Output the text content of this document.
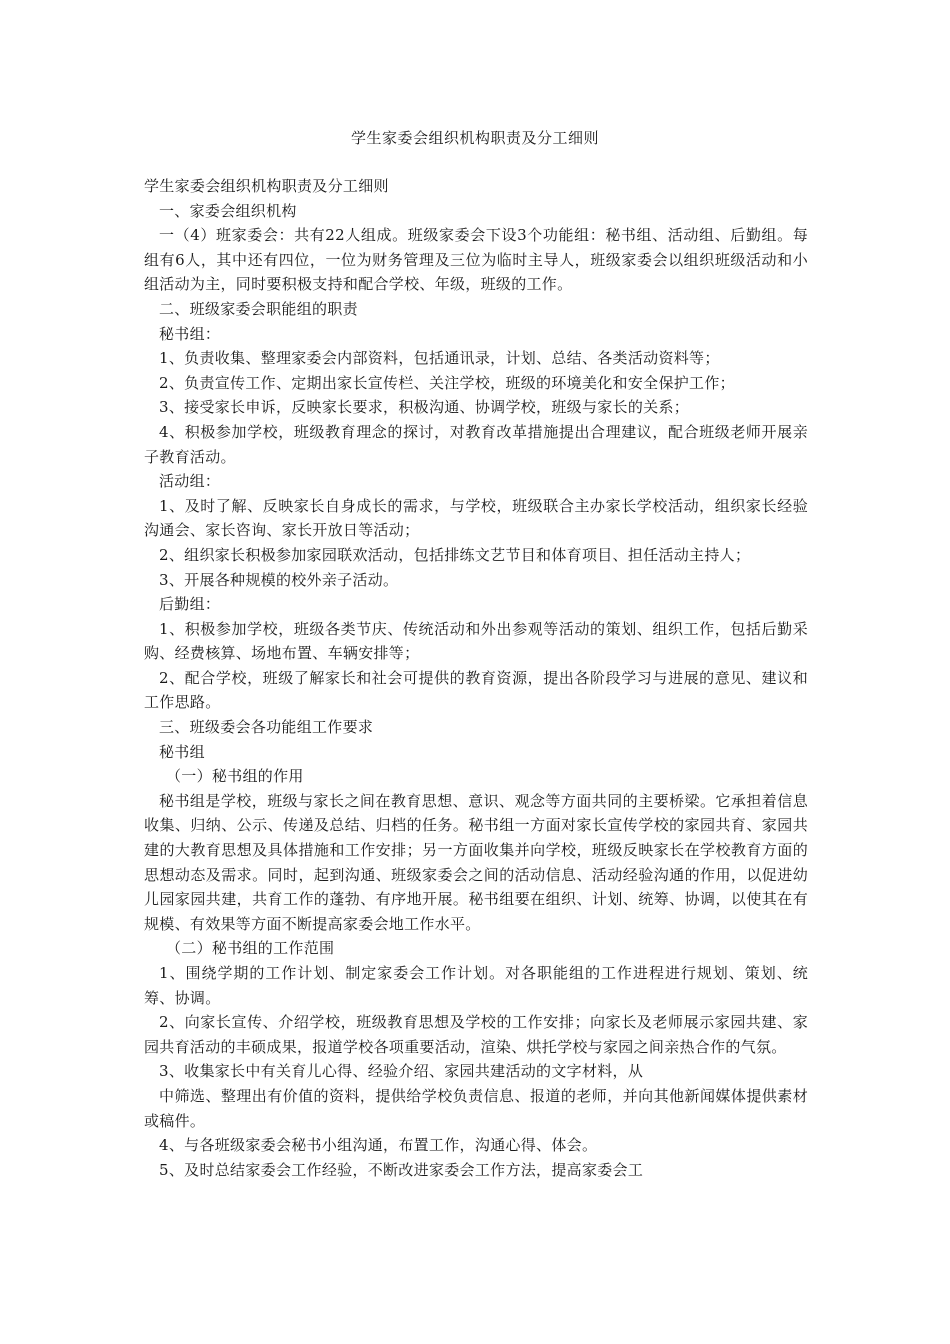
学生家委会组织机构职责及分工细则

学生家委会组织机构职责及分工细则

一、家委会组织机构

一（4）班家委会：共有22人组成。班级家委会下设3个功能组：秘书组、活动组、后勤组。每组有6人，其中还有四位，一位为财务管理及三位为临时主导人，班级家委会以组织班级活动和小组活动为主，同时要积极支持和配合学校、年级，班级的工作。

二、班级家委会职能组的职责

秘书组：

1、负责收集、整理家委会内部资料，包括通讯录，计划、总结、各类活动资料等；

2、负责宣传工作、定期出家长宣传栏、关注学校，班级的环境美化和安全保护工作；

3、接受家长申诉，反映家长要求，积极沟通、协调学校，班级与家长的关系；

4、积极参加学校，班级教育理念的探讨，对教育改革措施提出合理建议，配合班级老师开展亲子教育活动。

活动组：

1、及时了解、反映家长自身成长的需求，与学校，班级联合主办家长学校活动，组织家长经验沟通会、家长咨询、家长开放日等活动；

2、组织家长积极参加家园联欢活动，包括排练文艺节目和体育项目、担任活动主持人；

3、开展各种规模的校外亲子活动。

后勤组：

1、积极参加学校，班级各类节庆、传统活动和外出参观等活动的策划、组织工作，包括后勤采购、经费核算、场地布置、车辆安排等；

2、配合学校，班级了解家长和社会可提供的教育资源，提出各阶段学习与进展的意见、建议和工作思路。

三、班级委会各功能组工作要求

秘书组

（一）秘书组的作用

秘书组是学校，班级与家长之间在教育思想、意识、观念等方面共同的主要桥梁。它承担着信息收集、归纳、公示、传递及总结、归档的任务。秘书组一方面对家长宣传学校的家园共育、家园共建的大教育思想及具体措施和工作安排；另一方面收集并向学校，班级反映家长在学校教育方面的思想动态及需求。同时，起到沟通、班级家委会之间的活动信息、活动经验沟通的作用，以促进幼儿园家园共建，共育工作的蓬勃、有序地开展。秘书组要在组织、计划、统筹、协调，以使其在有规模、有效果等方面不断提高家委会地工作水平。

（二）秘书组的工作范围

1、围绕学期的工作计划、制定家委会工作计划。对各职能组的工作进程进行规划、策划、统筹、协调。

2、向家长宣传、介绍学校，班级教育思想及学校的工作安排；向家长及老师展示家园共建、家园共育活动的丰硕成果，报道学校各项重要活动，渲染、烘托学校与家园之间亲热合作的气氛。

3、收集家长中有关育儿心得、经验介绍、家园共建活动的文字材料，从

中筛选、整理出有价值的资料，提供给学校负责信息、报道的老师，并向其他新闻媒体提供素材或稿件。

4、与各班级家委会秘书小组沟通，布置工作，沟通心得、体会。

5、及时总结家委会工作经验，不断改进家委会工作方法，提高家委会工
